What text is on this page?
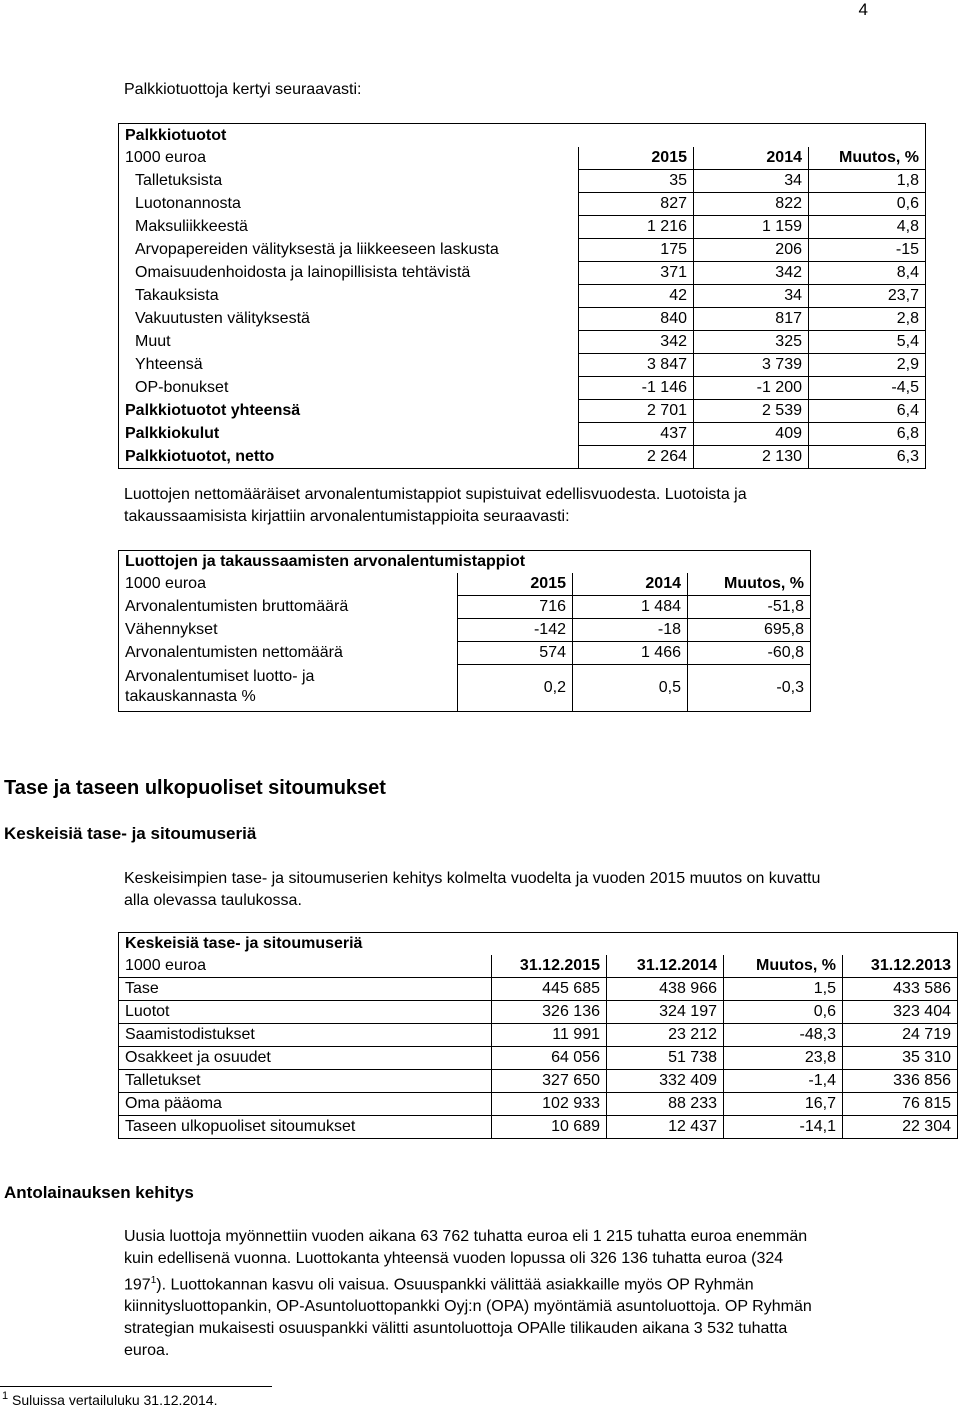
4
Palkkiotuottoja kertyi seuraavasti:
Palkkiotuotot			
1000 euroa	2015	2014	Muutos, %
Talletuksista	35	34	1,8
Luotonannosta	827	822	0,6
Maksuliikkeestä	1 216	1 159	4,8
Arvopapereiden välityksestä ja liikkeeseen laskusta	175	206	-15
Omaisuudenhoidosta ja lainopillisista tehtävistä	371	342	8,4
Takauksista	42	34	23,7
Vakuutusten välityksestä	840	817	2,8
Muut	342	325	5,4
Yhteensä	3 847	3 739	2,9
OP-bonukset	-1 146	-1 200	-4,5
Palkkiotuotot yhteensä	2 701	2 539	6,4
Palkkiokulut	437	409	6,8
Palkkiotuotot, netto	2 264	2 130	6,3
Luottojen nettomääräiset arvonalentumistappiot supistuivat edellisvuodesta. Luotoista ja
takaussaamisista kirjattiin arvonalentumistappioita seuraavasti:
Luottojen ja takaussaamisten arvonalentumistappiot			
1000 euroa	2015	2014	Muutos, %
Arvonalentumisten bruttomäärä	716	1 484	-51,8
Vähennykset	-142	-18	695,8
Arvonalentumisten nettomäärä	574	1 466	-60,8

Arvonalentumiset luotto- ja
takauskannasta %	0,2	0,5	-0,3
Tase ja taseen ulkopuoliset sitoumukset
Keskeisiä tase- ja sitoumuseriä
Keskeisimpien tase- ja sitoumuserien kehitys kolmelta vuodelta ja vuoden 2015 muutos on kuvattu
alla olevassa taulukossa.
Keskeisiä tase- ja sitoumuseriä				
1000 euroa	31.12.2015	31.12.2014	Muutos, %	31.12.2013
Tase	445 685	438 966	1,5	433 586
Luotot	326 136	324 197	0,6	323 404
Saamistodistukset	11 991	23 212	-48,3	24 719
Osakkeet ja osuudet	64 056	51 738	23,8	35 310
Talletukset	327 650	332 409	-1,4	336 856
Oma pääoma	102 933	88 233	16,7	76 815
Taseen ulkopuoliset sitoumukset	10 689	12 437	-14,1	22 304
Antolainauksen kehitys
Uusia luottoja myönnettiin vuoden aikana 63 762 tuhatta euroa eli 1 215 tuhatta euroa enemmän
kuin edellisenä vuonna. Luottokanta yhteensä vuoden lopussa oli 326 136 tuhatta euroa (324
$197^1$). Luottokannan kasvu oli vaisua. Osuuspankki välittää asiakkaille myös OP Ryhmän
kiinnitysluottopankin, OP-Asuntoluottopankki Oyj:n (OPA) myöntämiä asuntoluottoja. OP Ryhmän
strategian mukaisesti osuuspankki välitti asuntoluottoja OPAlle tilikauden aikana 3 532 tuhatta
euroa.
$^1$ Suluissa vertailuluku 31.12.2014.
